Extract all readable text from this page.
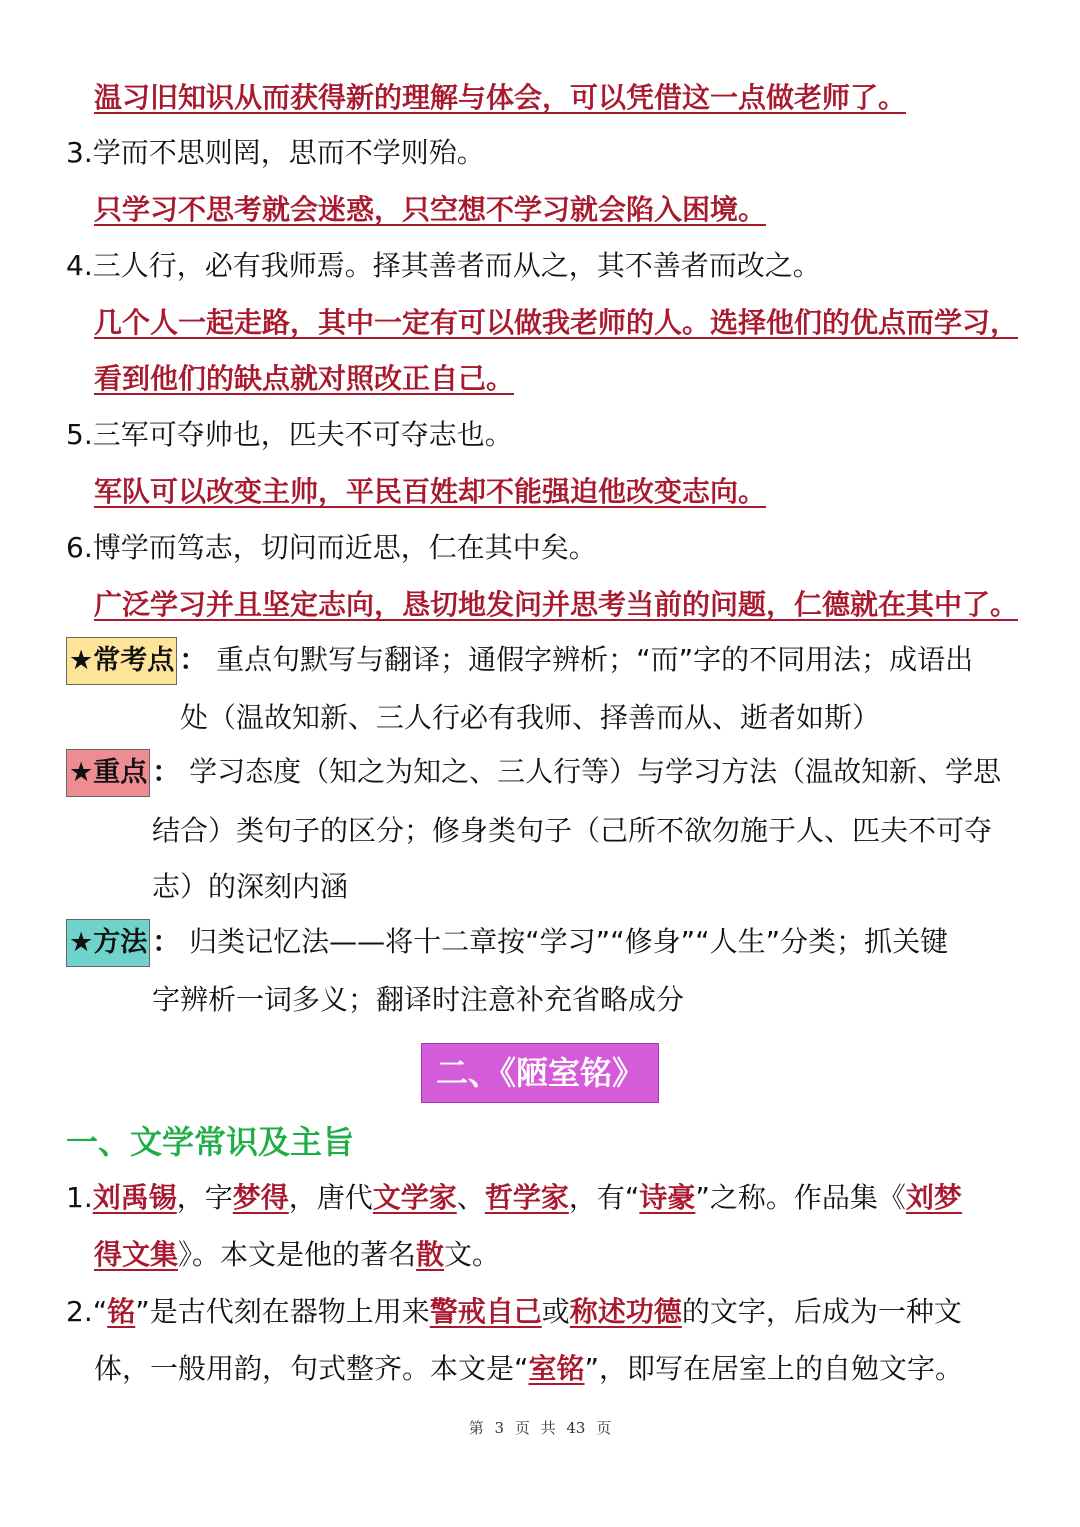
温习旧知识从而获得新的理解与体会，可以凭借这一点做老师了。
3.学而不思则罔，思而不学则殆。
只学习不思考就会迷惑，只空想不学习就会陷入困境。
4.三人行，必有我师焉。择其善者而从之，其不善者而改之。
几个人一起走路，其中一定有可以做我老师的人。选择他们的优点而学习，
看到他们的缺点就对照改正自己。
5.三军可夺帅也，匹夫不可夺志也。
军队可以改变主帅，平民百姓却不能强迫他改变志向。
6.博学而笃志，切问而近思，仁在其中矣。
广泛学习并且坚定志向，恳切地发问并思考当前的问题，仁德就在其中了。
★常考点 ： 重点句默写与翻译；通假字辨析；“而”字的不同用法；成语出
处（温故知新、三人行必有我师、择善而从、逝者如斯）
★重点 ： 学习态度（知之为知之、三人行等）与学习方法（温故知新、学思
结合）类句子的区分；修身类句子（己所不欲勿施于人、匹夫不可夺
志）的深刻内涵
★方法 ： 归类记忆法——将十二章按“学习”“修身”“人生”分类；抓关键
字辨析一词多义；翻译时注意补充省略成分
二、《陋室铭》
一、文学常识及主旨
1.刘禹锡，字梦得，唐代文学家、哲学家，有“诗豪”之称。作品集《刘梦
得文集》。本文是他的著名散文。
2.“铭”是古代刻在器物上用来警戒自己或称述功德的文字，后成为一种文
体，一般用韵，句式整齐。本文是“室铭”，即写在居室上的自勉文字。
第 3 页 共 43 页
